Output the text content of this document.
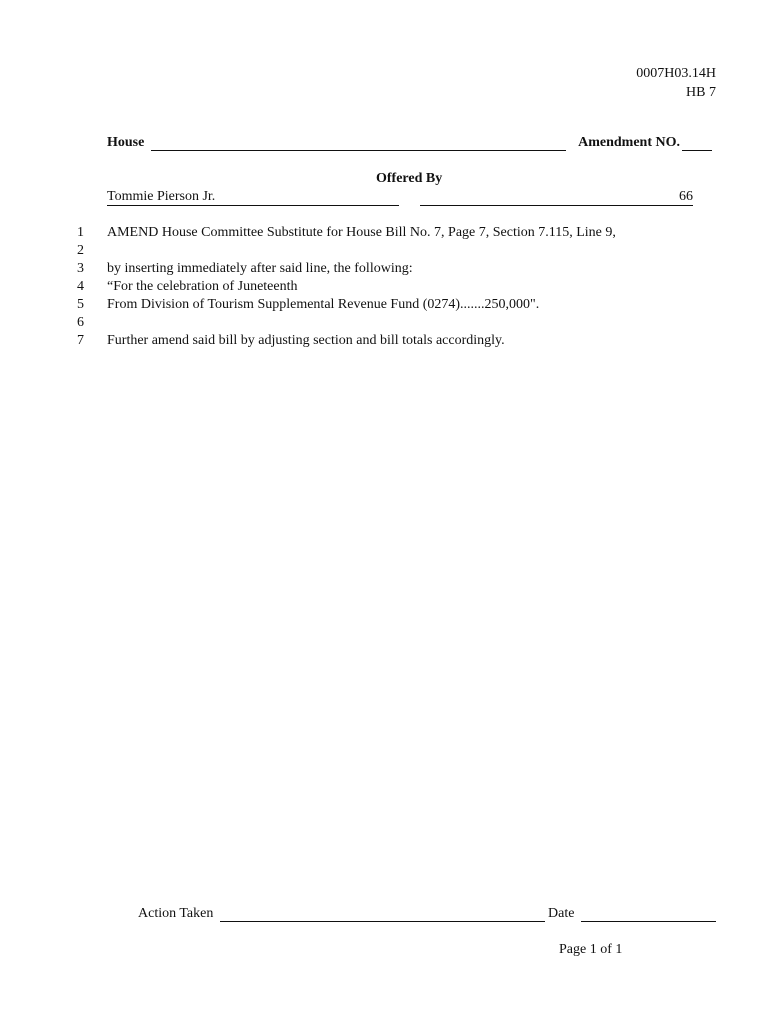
0007H03.14H
HB 7
House	Amendment NO.
Offered By
Tommie Pierson Jr.	66
1 AMEND House Committee Substitute for House Bill No. 7, Page 7, Section 7.115, Line 9,
2
3 by inserting immediately after said line, the following:
4 “For the celebration of Juneteenth
5 From Division of Tourism Supplemental Revenue Fund (0274).......250,000".
6
7 Further amend said bill by adjusting section and bill totals accordingly.
Action Taken	Date
Page 1 of 1
